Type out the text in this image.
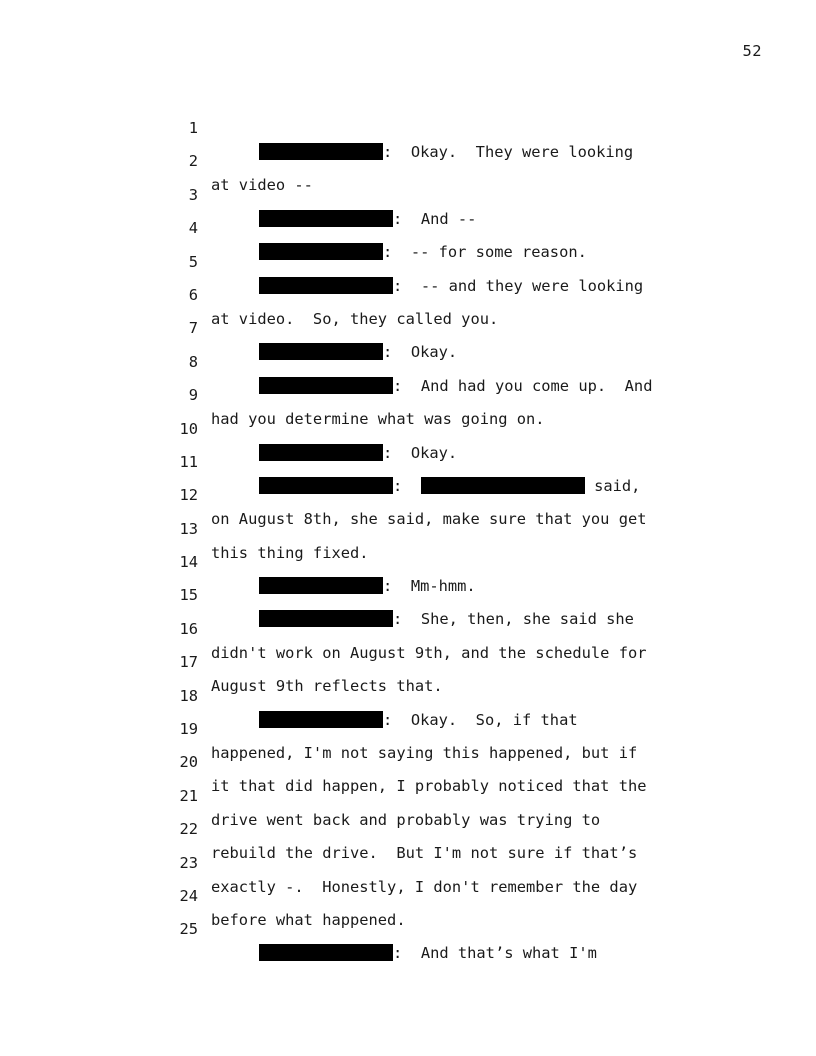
52

1

:  Okay.  They were looking

2

at video --

3

:  And --

4

:  -- for some reason.

5

:  -- and they were looking

6

at video.  So, they called you.

7

:  Okay.

8

:  And had you come up.  And

9

had you determine what was going on.

10

:  Okay.

11

:	said,

12

on August 8th, she said, make sure that you get

13

this thing fixed.

14

:  Mm-hmm.

15

:  She, then, she said she

16

didn't work on August 9th, and the schedule for

17

August 9th reflects that.

18

:  Okay.  So, if that

19

happened, I'm not saying this happened, but if

20

it that did happen, I probably noticed that the

21

drive went back and probably was trying to

22

rebuild the drive.  But I'm not sure if that’s

23

exactly -.  Honestly, I don't remember the day

24

before what happened.

25

:  And that’s what I'm
